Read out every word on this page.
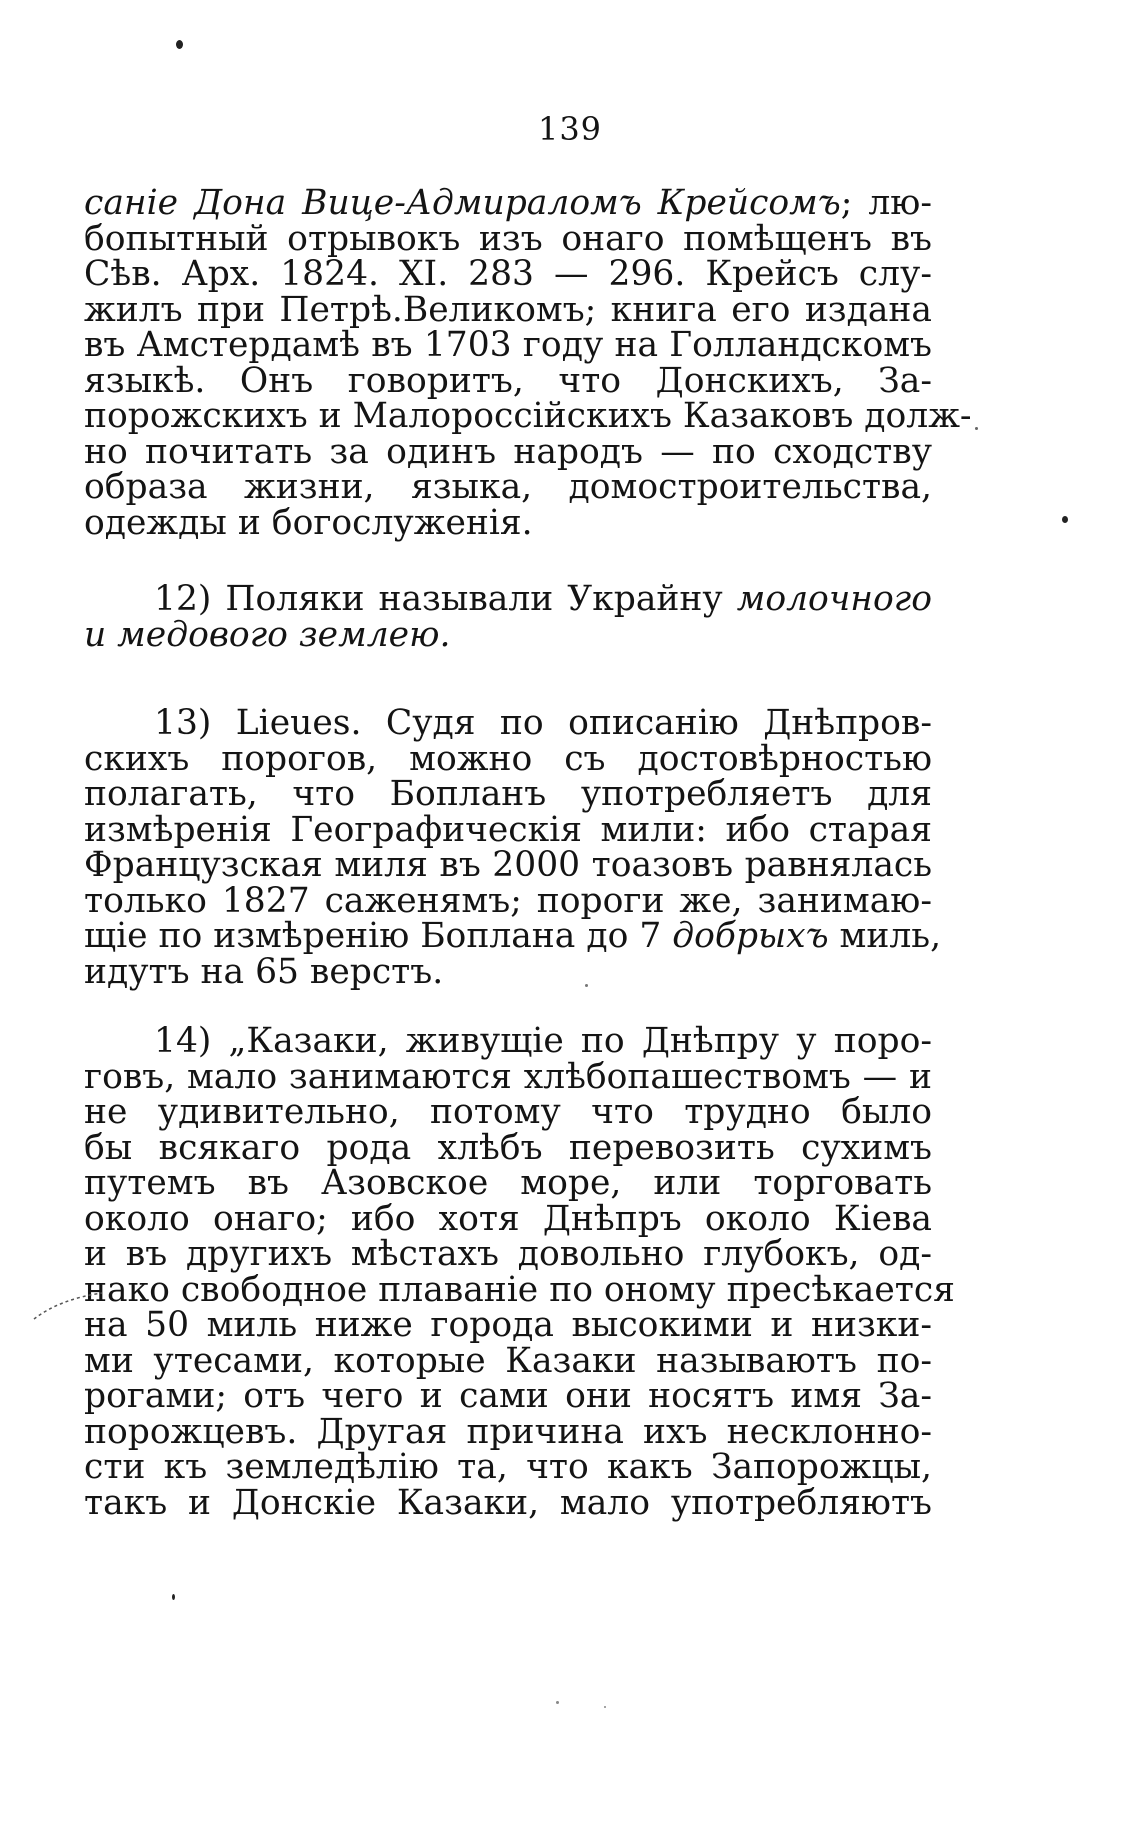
139
саніе Дона Вице-Адмираломъ Крейсомъ; лю-
бопытный отрывокъ изъ онаго помѣщенъ въ
Сѣв. Арх. 1824. XI. 283 — 296. Крейсъ слу-
жилъ при Петрѣ.Великомъ; книга его издана
въ Амстердамѣ въ 1703 году на Голландскомъ
языкѣ. Онъ говоритъ, что Донскихъ, За-
порожскихъ и Малороссійскихъ Казаковъ долж-
но почитать за одинъ народъ — по сходству
образа жизни, языка, домостроительства,
одежды и богослуженія.
12) Поляки называли Украйну молочного
и медового землею.
13) Lieues. Судя по описанію Днѣпров-
скихъ порогов, можно съ достовѣрностью
полагать, что Бопланъ употребляетъ для
измѣренія Географическія мили: ибо старая
Французская миля въ 2000 тоазовъ равнялась
только 1827 саженямъ; пороги же, занимаю-
щіе по измѣренію Боплана до 7 добрыхъ миль,
идутъ на 65 верстъ.
14) „Казаки, живущіе по Днѣпру у поро-
говъ, мало занимаются хлѣбопашествомъ — и
не удивительно, потому что трудно было
бы всякаго рода хлѣбъ перевозить сухимъ
путемъ въ Азовское море, или торговать
около онаго; ибо хотя Днѣпръ около Кіева
и въ другихъ мѣстахъ довольно глубокъ, од-
нако свободное плаваніе по оному пресѣкается
на 50 миль ниже города высокими и низки-
ми утесами, которые Казаки называютъ по-
рогами; отъ чего и сами они носятъ имя За-
порожцевъ. Другая причина ихъ несклонно-
сти къ земледѣлію та, что какъ Запорожцы,
такъ и Донскіе Казаки, мало употребляютъ
